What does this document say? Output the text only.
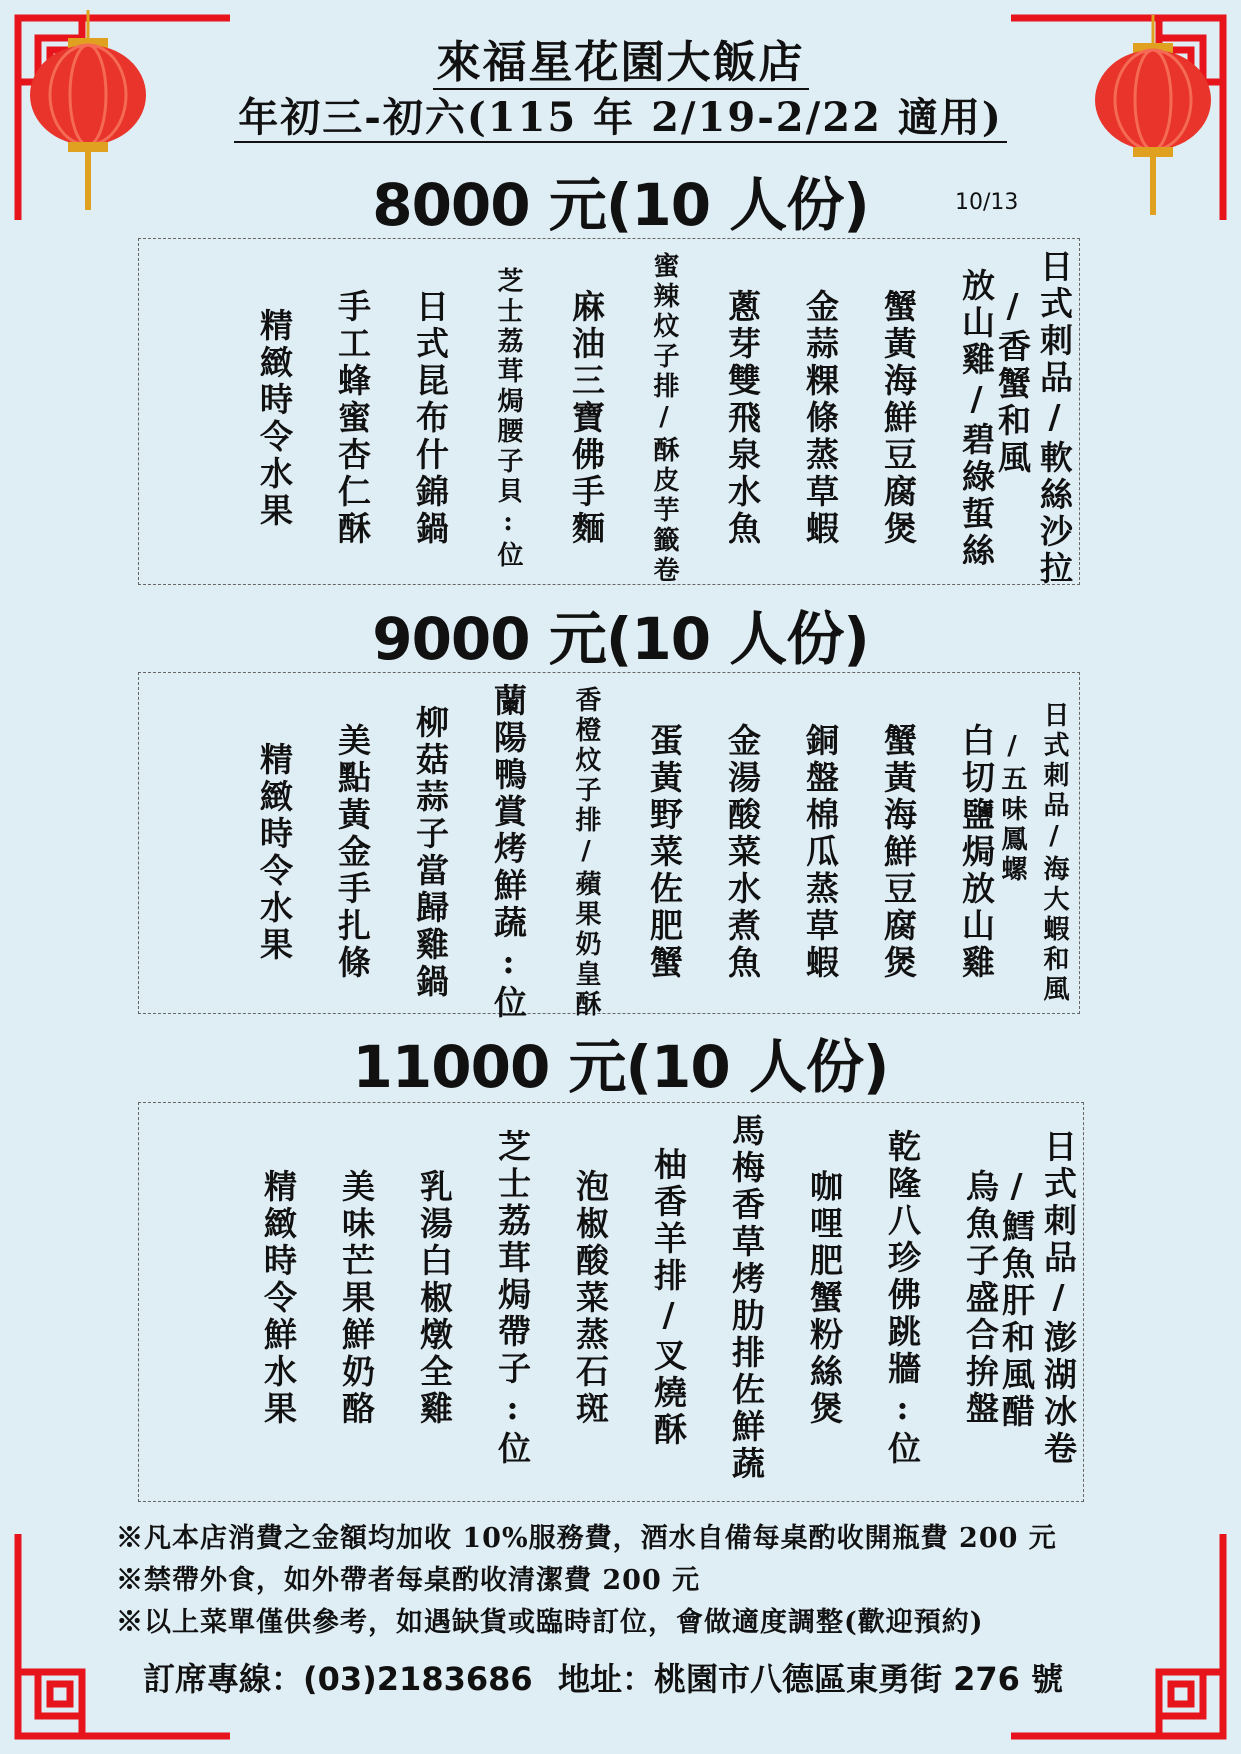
來福星花園大飯店
年初三-初六(115 年 2/19-2/22 適用)
8000 元(10 人份)	10/13
日式刺品/軟絲沙拉
　/香蟹和風
放山雞/碧綠蜇絲
蟹黃海鮮豆腐煲
金蒜粿條蒸草蝦
蔥芽雙飛泉水魚
蜜辣炆子排/酥皮芋籤卷
麻油三寶佛手麵
芝士荔茸焗腰子貝:位
日式昆布什錦鍋
手工蜂蜜杏仁酥
精緻時令水果
9000 元(10 人份)
日式刺品/海大蝦和風
　/五味鳳螺
白切鹽焗放山雞
蟹黃海鮮豆腐煲
銅盤棉瓜蒸草蝦
金湯酸菜水煮魚
蛋黃野菜佐肥蟹
香橙炆子排/蘋果奶皇酥
蘭陽鴨賞烤鮮蔬:位
柳菇蒜子當歸雞鍋
美點黃金手扎條
精緻時令水果
11000 元(10 人份)
日式刺品/澎湖冰卷
　/鱈魚肝和風醋
烏魚子盛合拚盤
乾隆八珍佛跳牆:位
咖哩肥蟹粉絲煲
馬梅香草烤肋排佐鮮蔬
柚香羊排/叉燒酥
泡椒酸菜蒸石斑
芝士荔茸焗帶子:位
乳湯白椒燉全雞
美味芒果鮮奶酪
精緻時令鮮水果
※凡本店消費之金額均加收 10%服務費，酒水自備每桌酌收開瓶費 200 元
※禁帶外食，如外帶者每桌酌收清潔費 200 元
※以上菜單僅供參考，如遇缺貨或臨時訂位，會做適度調整(歡迎預約)
訂席專線：(03)2183686 地址：桃園市八德區東勇街 276 號
